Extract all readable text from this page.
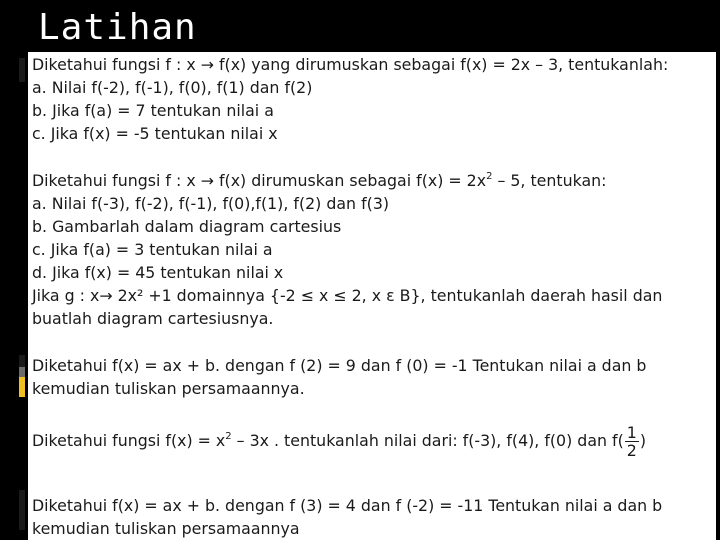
Latihan
Diketahui fungsi f : x → f(x) yang dirumuskan sebagai f(x) = 2x – 3, tentukanlah:
a. Nilai f(-2), f(-1), f(0), f(1) dan f(2)
b. Jika f(a) = 7 tentukan nilai a
c. Jika f(x) = -5 tentukan nilai x
Diketahui fungsi f : x → f(x) dirumuskan sebagai $f(x) = 2x^2 - 5$, tentukan:
a. Nilai f(-3), f(-2), f(-1), f(0),f(1), f(2) dan f(3)
b. Gambarlah dalam diagram cartesius
c. Jika f(a) = 3 tentukan nilai a
d. Jika f(x) = 45 tentukan nilai x
Jika g : x→ 2x² +1 domainnya {-2 ≤ x ≤ 2, x ε B}, tentukanlah daerah hasil dan
buatlah diagram cartesiusnya.
Diketahui f(x) = ax + b. dengan f (2) = 9 dan f (0) = -1 Tentukan nilai a dan b
kemudian tuliskan persamaannya.
Diketahui fungsi $f(x) = x^2 - 3x$ . tentukanlah nilai dari: f(-3), f(4), f(0) dan $f( \frac{1}{2}$ )
Diketahui f(x) = ax + b. dengan f (3) = 4 dan f (-2) = -11 Tentukan nilai a dan b
kemudian tuliskan persamaannya
